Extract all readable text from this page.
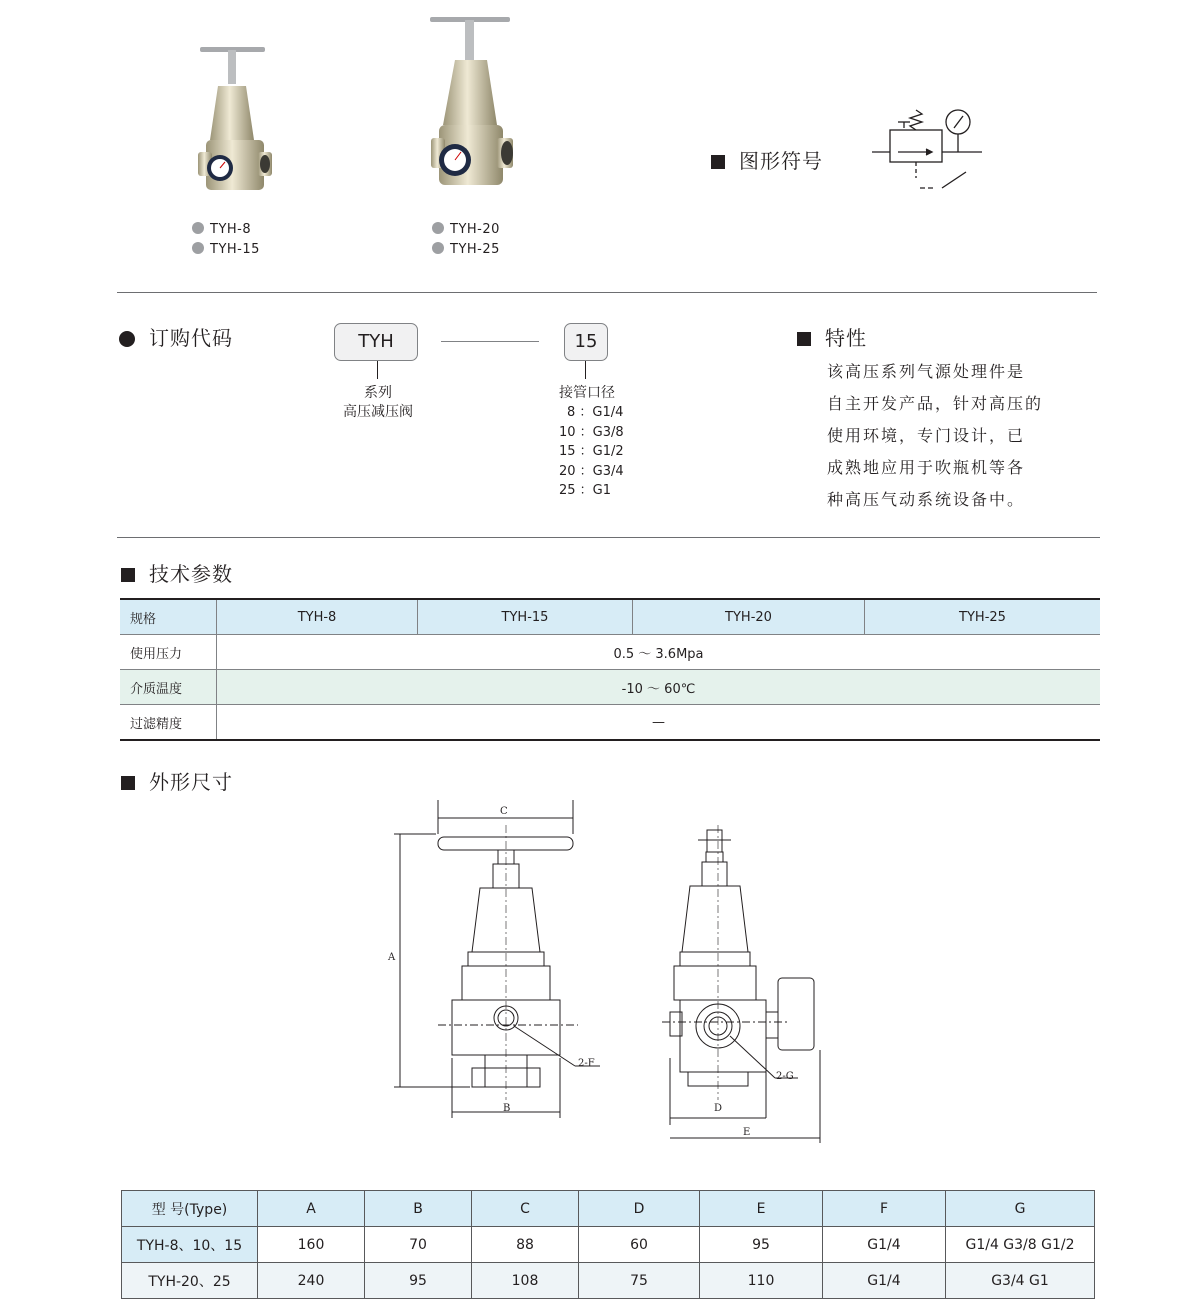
TYH-8
TYH-15
TYH-20
TYH-25
图形符号
订购代码	TYH	15
系列
高压减压阀
接管口径
8 ：G1/4
10 ：G3/8
15 ：G1/2
20 ：G3/4
25 ：G1
特性
该高压系列气源处理件是
自主开发产品，针对高压的
使用环境，专门设计，已
成熟地应用于吹瓶机等各
种高压气动系统设备中。
技术参数
规格	TYH-8	TYH-15	TYH-20	TYH-25
使用压力	0.5 ～ 3.6Mpa			
介质温度	-10 ～ 60℃			
过滤精度	—			
外形尺寸
C
A
B
2-F
D
2-G
E
型 号(Type)	A	B	C	D	E	F	G
TYH-8、10、15	160	70	88	60	95	G1/4	G1/4 G3/8 G1/2
TYH-20、25	240	95	108	75	110	G1/4	G3/4 G1
